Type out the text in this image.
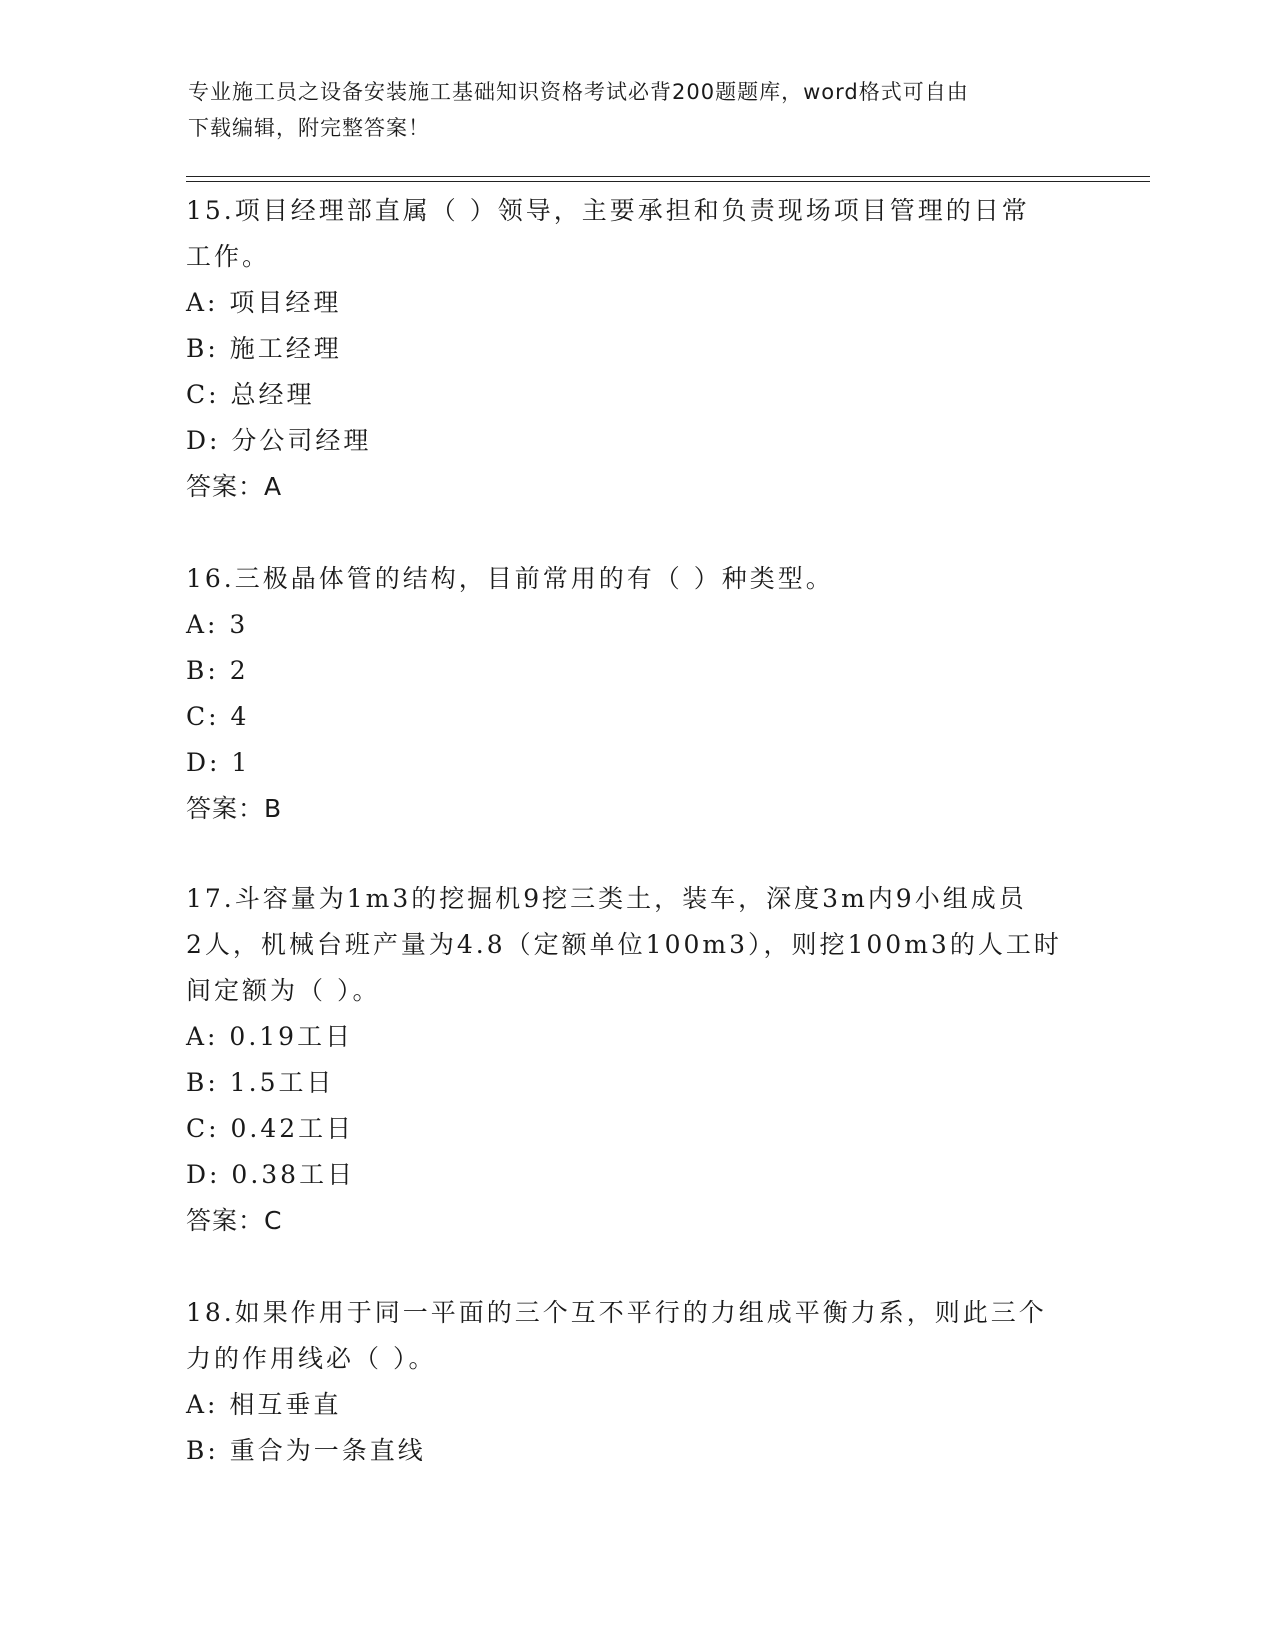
专业施工员之设备安装施工基础知识资格考试必背200题题库，word格式可自由
下载编辑，附完整答案！
15.项目经理部直属（ ）领导，主要承担和负责现场项目管理的日常
工作。
A: 项目经理
B: 施工经理
C: 总经理
D: 分公司经理
答案：A
16.三极晶体管的结构，目前常用的有（ ）种类型。
A: 3
B: 2
C: 4
D: 1
答案：B
17.斗容量为1m3的挖掘机9挖三类土，装车，深度3m内9小组成员
2人，机械台班产量为4.8（定额单位100m3），则挖100m3的人工时
间定额为（ ）。
A: 0.19工日
B: 1.5工日
C: 0.42工日
D: 0.38工日
答案：C
18.如果作用于同一平面的三个互不平行的力组成平衡力系，则此三个
力的作用线必（ ）。
A: 相互垂直
B: 重合为一条直线
